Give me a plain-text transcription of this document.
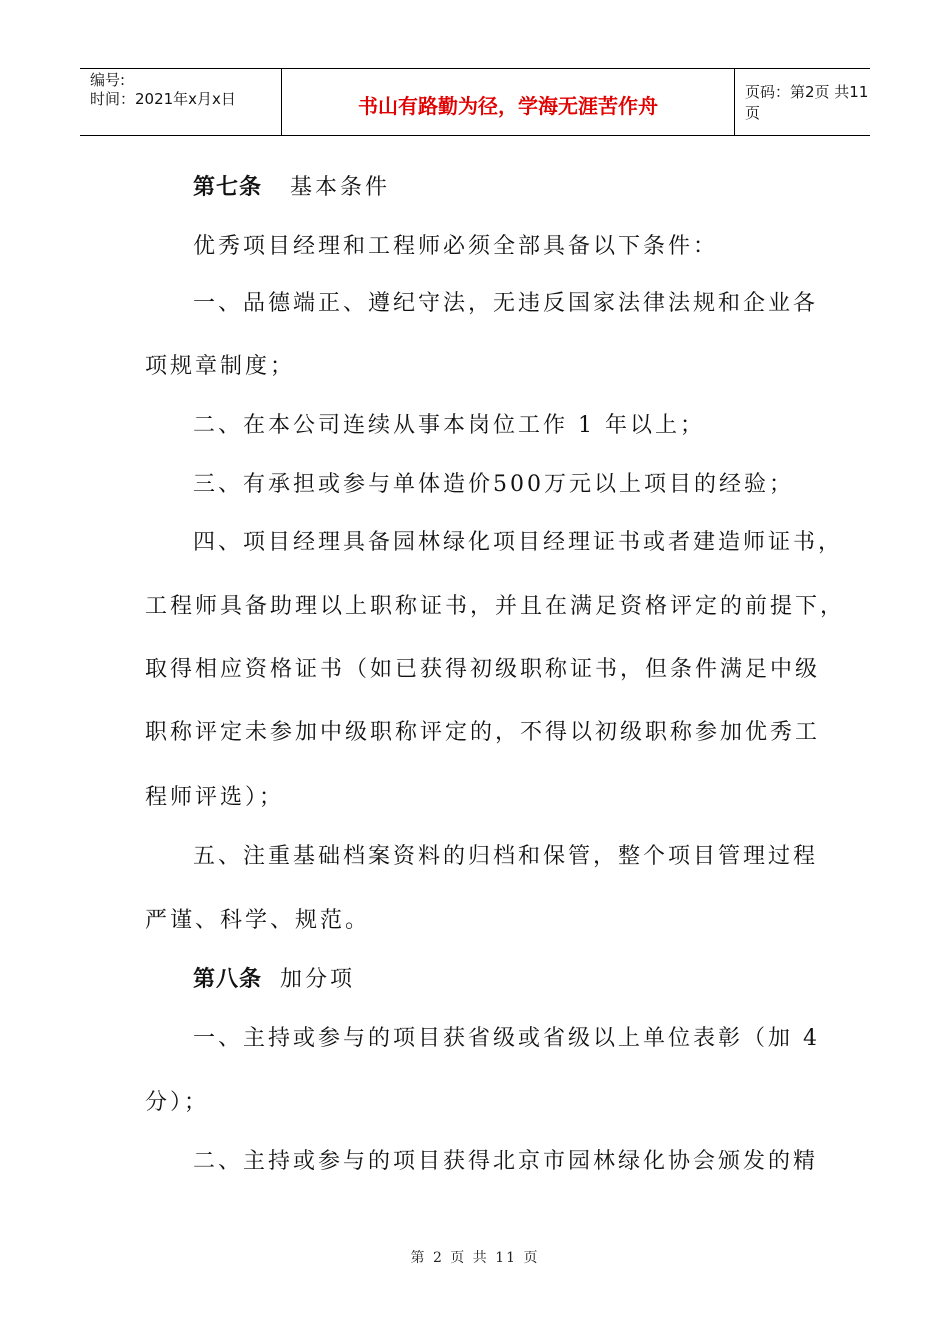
编号:
时间：2021年x月x日	书山有路勤为径，学海无涯苦作舟
页码：第2页 共11页
第七条 基本条件
优秀项目经理和工程师必须全部具备以下条件：
一、品德端正、遵纪守法，无违反国家法律法规和企业各
项规章制度；
二、在本公司连续从事本岗位工作 1 年以上；
三、有承担或参与单体造价500万元以上项目的经验；
四、项目经理具备园林绿化项目经理证书或者建造师证书，
工程师具备助理以上职称证书，并且在满足资格评定的前提下，
取得相应资格证书（如已获得初级职称证书，但条件满足中级
职称评定未参加中级职称评定的，不得以初级职称参加优秀工
程师评选）；
五、注重基础档案资料的归档和保管，整个项目管理过程
严谨、科学、规范。
第八条 加分项
一、主持或参与的项目获省级或省级以上单位表彰（加 4
分）；
二、主持或参与的项目获得北京市园林绿化协会颁发的精
第 2 页 共 11 页
